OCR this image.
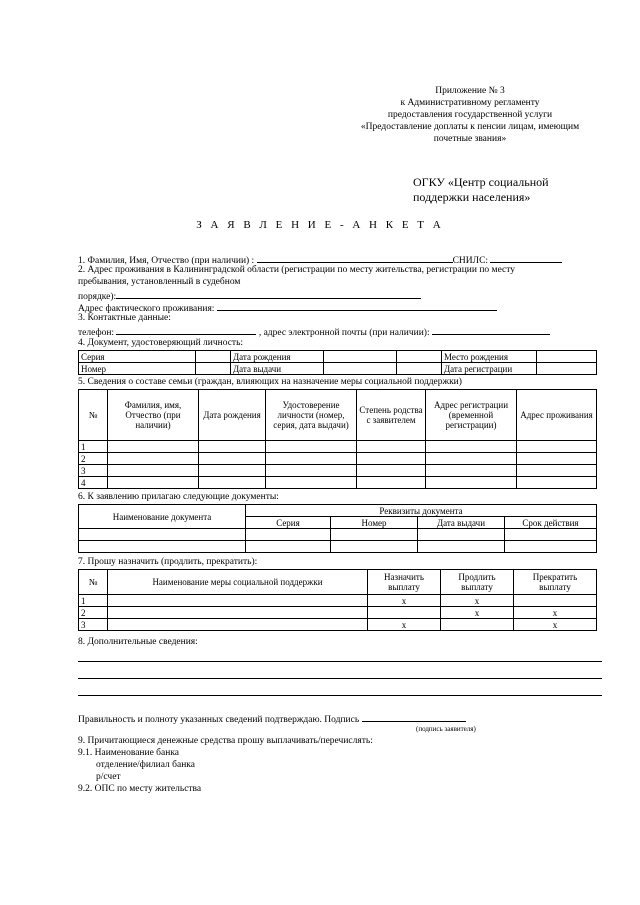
Приложение № 3
к Административному регламенту
предоставления государственной услуги
«Предоставление доплаты к пенсии лицам, имеющим
почетные звания»
ОГКУ «Центр социальной
поддержки населения»
З А Я В Л Е Н И Е - А Н К Е Т А
1. Фамилия, Имя, Отчество (при наличии) :	СНИЛС:
2. Адрес проживания в Калининградской области (регистрации по месту жительства, регистрации по месту
пребывания, установленный в судебном
порядке):
Адрес фактического проживания:
3. Контактные данные:
телефон:	, адрес электронной почты (при наличии):
4. Документ, удостоверяющий личность:
Серия		Дата рождения			Место рождения	
Номер		Дата выдачи			Дата регистрации	
5. Сведения о составе семьи (граждан, влияющих на назначение меры социальной поддержки)
№	Фамилия, имя, Отчество (при наличии)	Дата рождения	Удостоверение личности (номер, серия, дата выдачи)	Степень родства с заявителем	Адрес регистрации (временной регистрации)	Адрес проживания
1						
2						
3						
4						
6. К заявлению прилагаю следующие документы:
Наименование документа	Реквизиты документа			
	Серия	Номер	Дата выдачи	Срок действия

7. Прошу назначить (продлить, прекратить):
№	Наименование меры социальной поддержки	Назначить выплату	Продлить выплату	Прекратить выплату
1		x	x	
2			x	x
3		x		x
8. Дополнительные сведения:
Правильность и полноту указанных сведений подтверждаю. Подпись
(подпись заявителя)
9. Причитающиеся денежные средства прошу выплачивать/перечислять:
9.1. Наименование банка
отделение/филиал банка
р/счет
9.2. ОПС по месту жительства
